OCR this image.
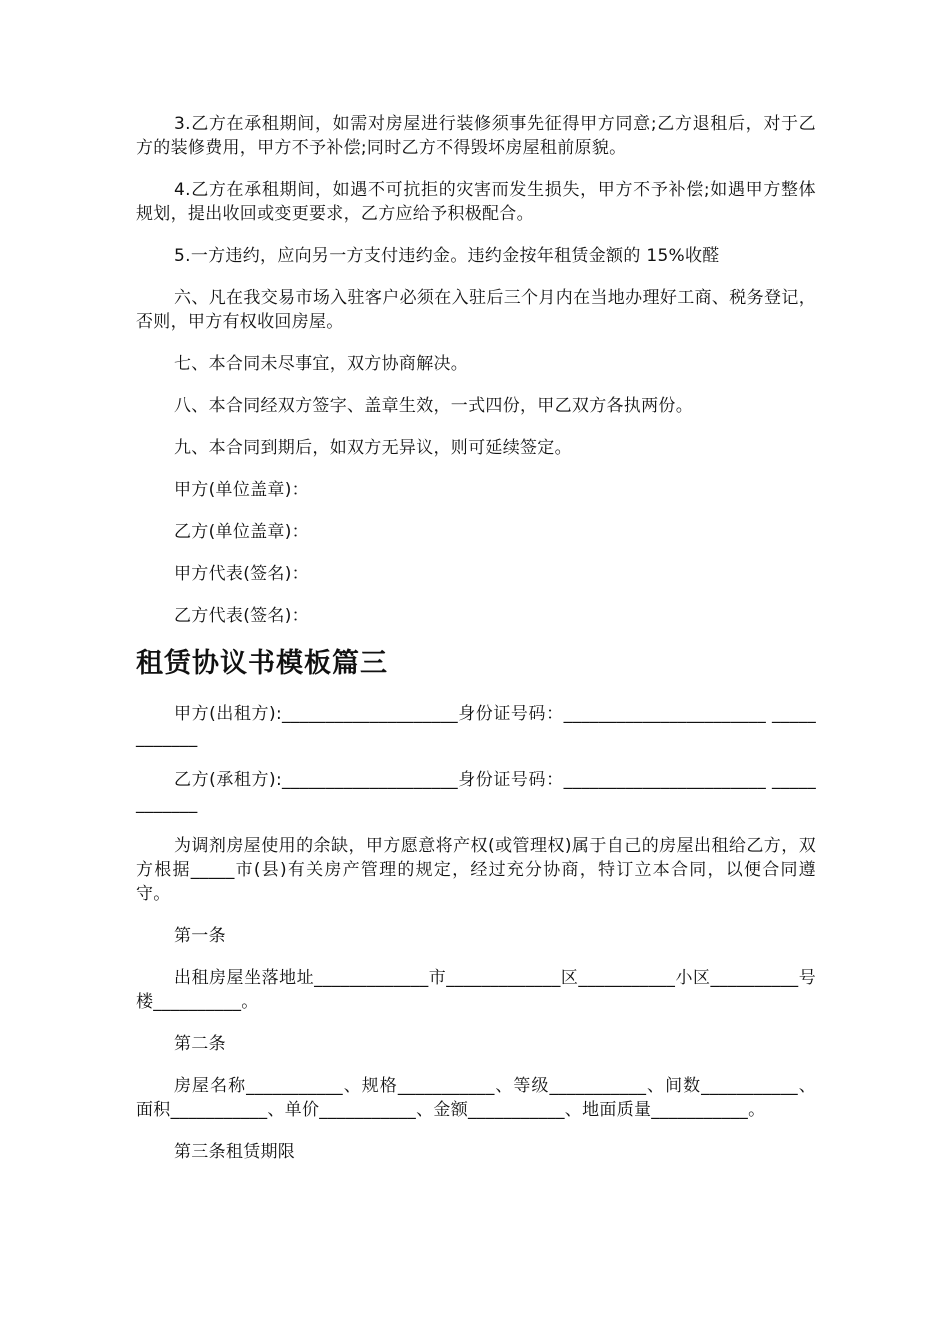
3.乙方在承租期间，如需对房屋进行装修须事先征得甲方同意;乙方退租后，对于乙方的装修费用，甲方不予补偿;同时乙方不得毁坏房屋租前原貌。

4.乙方在承租期间，如遇不可抗拒的灾害而发生损失，甲方不予补偿;如遇甲方整体规划，提出收回或变更要求，乙方应给予积极配合。

5.一方违约，应向另一方支付违约金。违约金按年租赁金额的 15%收醛

六、凡在我交易市场入驻客户必须在入驻后三个月内在当地办理好工商、税务登记，否则，甲方有权收回房屋。

七、本合同未尽事宜，双方协商解决。

八、本合同经双方签字、盖章生效，一式四份，甲乙双方各执两份。

九、本合同到期后，如双方无异议，则可延续签定。

甲方(单位盖章)：

乙方(单位盖章)：

甲方代表(签名)：

乙方代表(签名)：

租赁协议书模板篇三

甲方(出租方):____________________身份证号码：_______________________ ____________

乙方(承租方):____________________身份证号码：_______________________ ____________

为调剂房屋使用的余缺，甲方愿意将产权(或管理权)属于自己的房屋出租给乙方，双方根据_____市(县)有关房产管理的规定，经过充分协商，特订立本合同，以便合同遵守。

第一条

出租房屋坐落地址_____________市_____________区___________小区__________号楼__________。

第二条

房屋名称___________、规格___________、等级___________、间数___________、面积___________、单价___________、金额___________、地面质量___________。

第三条租赁期限
